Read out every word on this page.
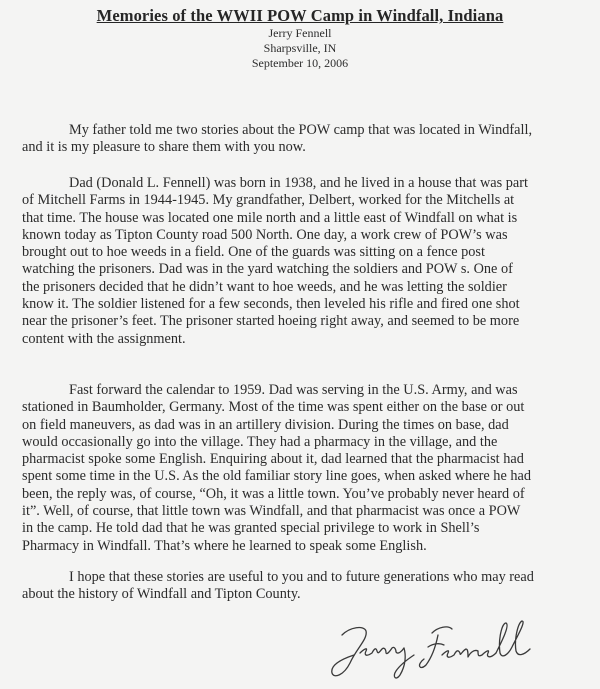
Memories of the WWII POW Camp in Windfall, Indiana
Jerry Fennell
Sharpsville, IN
September 10, 2006

My father told me two stories about the POW camp that was located in Windfall,
and it is my pleasure to share them with you now.

Dad (Donald L. Fennell) was born in 1938, and he lived in a house that was part
of Mitchell Farms in 1944-1945. My grandfather, Delbert, worked for the Mitchells at
that time. The house was located one mile north and a little east of Windfall on what is
known today as Tipton County road 500 North. One day, a work crew of POW’s was
brought out to hoe weeds in a field. One of the guards was sitting on a fence post
watching the prisoners. Dad was in the yard watching the soldiers and POW s. One of
the prisoners decided that he didn’t want to hoe weeds, and he was letting the soldier
know it. The soldier listened for a few seconds, then leveled his rifle and fired one shot
near the prisoner’s feet. The prisoner started hoeing right away, and seemed to be more
content with the assignment.

Fast forward the calendar to 1959. Dad was serving in the U.S. Army, and was
stationed in Baumholder, Germany. Most of the time was spent either on the base or out
on field maneuvers, as dad was in an artillery division. During the times on base, dad
would occasionally go into the village. They had a pharmacy in the village, and the
pharmacist spoke some English. Enquiring about it, dad learned that the pharmacist had
spent some time in the U.S. As the old familiar story line goes, when asked where he had
been, the reply was, of course, “Oh, it was a little town. You’ve probably never heard of
it”. Well, of course, that little town was Windfall, and that pharmacist was once a POW
in the camp. He told dad that he was granted special privilege to work in Shell’s
Pharmacy in Windfall. That’s where he learned to speak some English.

I hope that these stories are useful to you and to future generations who may read
about the history of Windfall and Tipton County.
